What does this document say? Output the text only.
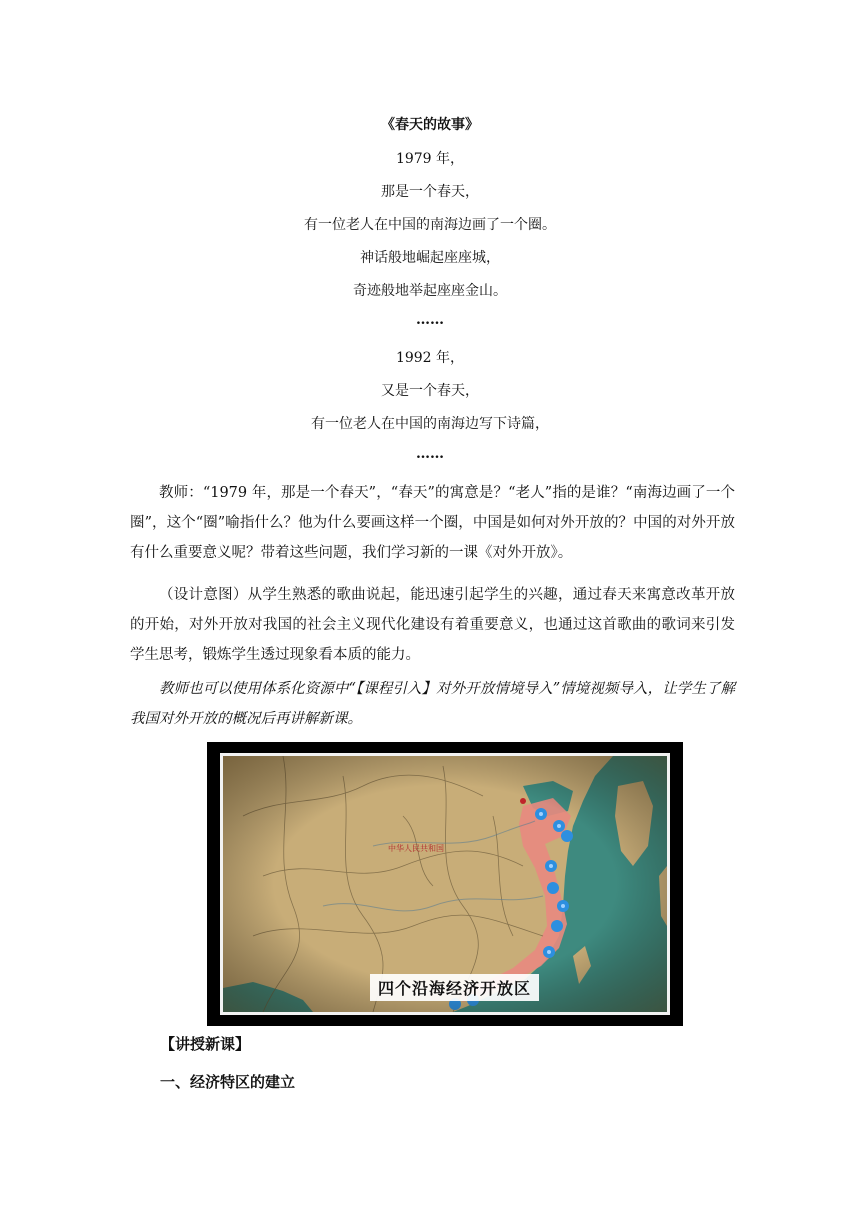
《春天的故事》
1979 年，
那是一个春天，
有一位老人在中国的南海边画了一个圈。
神话般地崛起座座城，
奇迹般地举起座座金山。
……
1992 年，
又是一个春天，
有一位老人在中国的南海边写下诗篇，
……
教师：“1979 年，那是一个春天”，“春天”的寓意是？“老人”指的是谁？“南海边画了一个圈”，这个“圈”喻指什么？他为什么要画这样一个圈，中国是如何对外开放的？中国的对外开放有什么重要意义呢？带着这些问题，我们学习新的一课《对外开放》。
（设计意图）从学生熟悉的歌曲说起，能迅速引起学生的兴趣，通过春天来寓意改革开放的开始，对外开放对我国的社会主义现代化建设有着重要意义，也通过这首歌曲的歌词来引发学生思考，锻炼学生透过现象看本质的能力。
教师也可以使用体系化资源中“【课程引入】对外开放情境导入”情境视频导入，让学生了解我国对外开放的概况后再讲解新课。
四个沿海经济开放区
【讲授新课】
一、经济特区的建立
